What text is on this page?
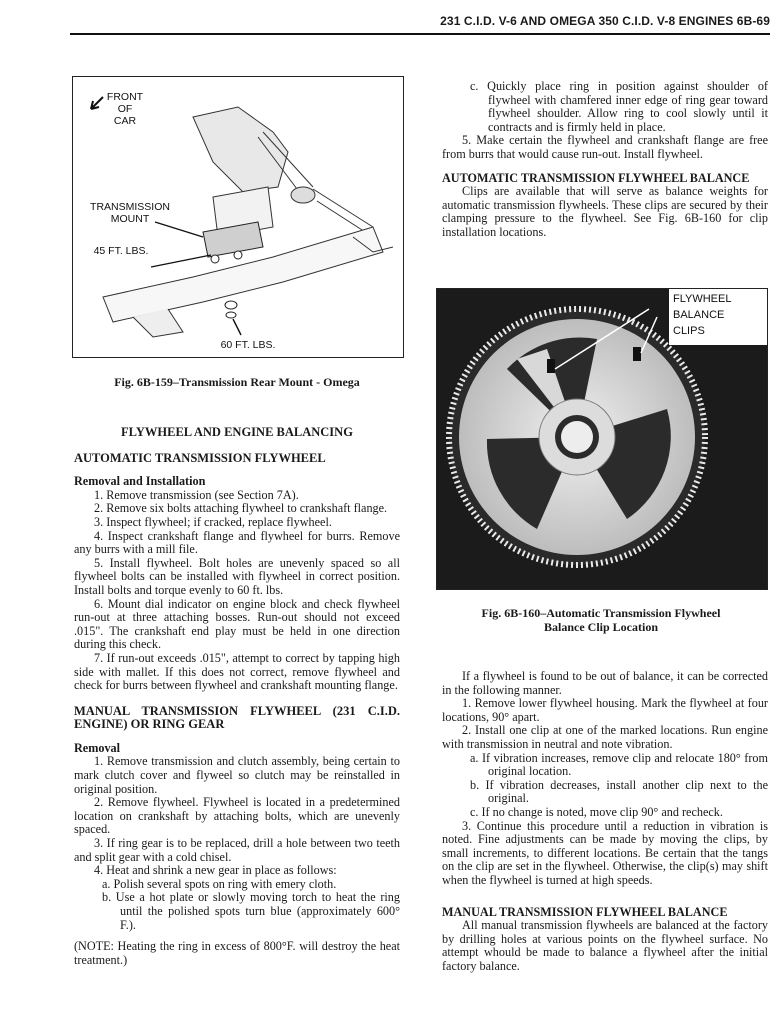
231 C.I.D. V-6 AND OMEGA 350 C.I.D. V-8 ENGINES 6B-69
FRONT
OF
CAR
TRANSMISSION
MOUNT
45 FT. LBS.
60 FT. LBS.
Fig. 6B-159–Transmission Rear Mount - Omega

FLYWHEEL AND ENGINE BALANCING

AUTOMATIC TRANSMISSION FLYWHEEL

Removal and Installation

1. Remove transmission (see Section 7A).

2. Remove six bolts attaching flywheel to crankshaft flange.

3. Inspect flywheel; if cracked, replace flywheel.

4. Inspect crankshaft flange and flywheel for burrs. Remove any burrs with a mill file.

5. Install flywheel. Bolt holes are unevenly spaced so all flywheel bolts can be installed with flywheel in correct position. Install bolts and torque evenly to 60 ft. lbs.

6. Mount dial indicator on engine block and check flywheel run-out at three attaching bosses. Run-out should not exceed .015". The crankshaft end play must be held in one direction during this check.

7. If run-out exceeds .015", attempt to correct by tapping high side with mallet. If this does not correct, remove flywheel and check for burrs between flywheel and crankshaft mounting flange.

MANUAL TRANSMISSION FLYWHEEL (231 C.I.D. ENGINE) OR RING GEAR

Removal

1. Remove transmission and clutch assembly, being certain to mark clutch cover and flyweel so clutch may be reinstalled in original position.

2. Remove flywheel. Flywheel is located in a predetermined location on crankshaft by attaching bolts, which are unevenly spaced.

3. If ring gear is to be replaced, drill a hole between two teeth and split gear with a cold chisel.

4. Heat and shrink a new gear in place as follows:

a. Polish several spots on ring with emery cloth.

b. Use a hot plate or slowly moving torch to heat the ring until the polished spots turn blue (approximately 600° F.).

(NOTE: Heating the ring in excess of 800°F. will destroy the heat treatment.)

c. Quickly place ring in position against shoulder of flywheel with chamfered inner edge of ring gear toward flywheel shoulder. Allow ring to cool slowly until it contracts and is firmly held in place.

5. Make certain the flywheel and crankshaft flange are free from burrs that would cause run-out. Install flywheel.

AUTOMATIC TRANSMISSION FLYWHEEL BALANCE

Clips are available that will serve as balance weights for automatic transmission flywheels. These clips are secured by their clamping pressure to the flywheel. See Fig. 6B-160 for clip installation locations.

FLYWHEEL
BALANCE
CLIPS
Fig. 6B-160–Automatic Transmission Flywheel
Balance Clip Location

If a flywheel is found to be out of balance, it can be corrected in the following manner.

1. Remove lower flywheel housing. Mark the flywheel at four locations, 90° apart.

2. Install one clip at one of the marked locations. Run engine with transmission in neutral and note vibration.

a. If vibration increases, remove clip and relocate 180° from original location.

b. If vibration decreases, install another clip next to the original.

c. If no change is noted, move clip 90° and recheck.

3. Continue this procedure until a reduction in vibration is noted. Fine adjustments can be made by moving the clips, by small increments, to different locations. Be certain that the tangs on the clip are set in the flywheel. Otherwise, the clip(s) may shift when the flywheel is turned at high speeds.

MANUAL TRANSMISSION FLYWHEEL BALANCE

All manual transmission flywheels are balanced at the factory by drilling holes at various points on the flywheel surface. No attempt whould be made to balance a flywheel after the initial factory balance.
